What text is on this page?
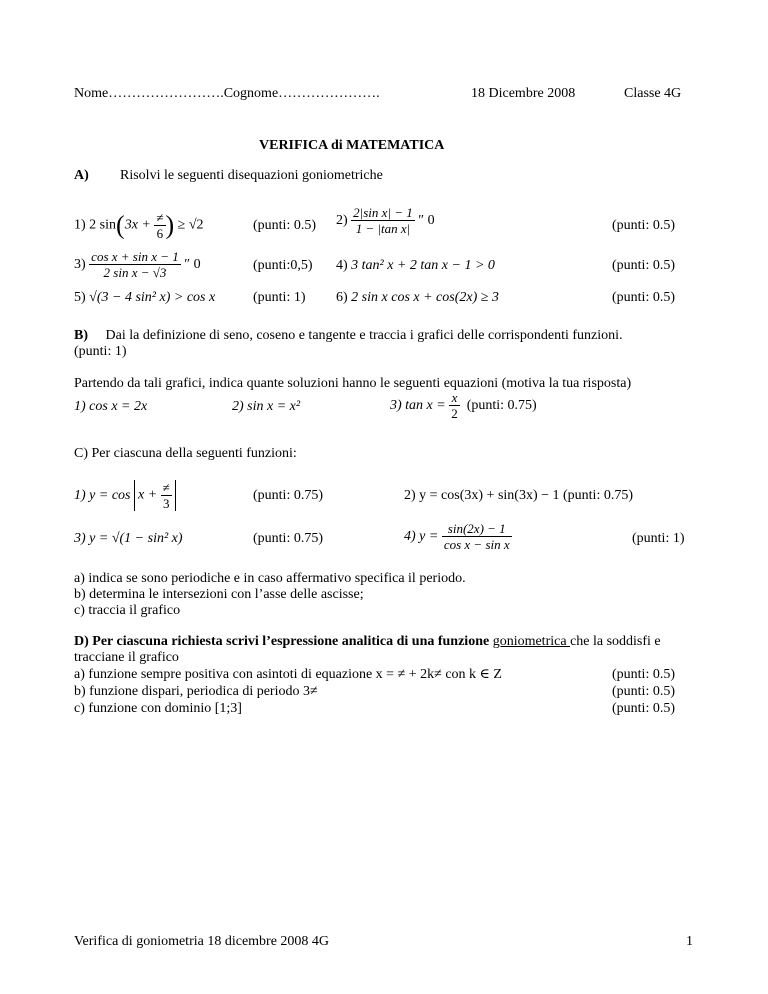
Nome…………………….Cognome………………….	18 Dicembre 2008	Classe 4G
VERIFICA di MATEMATICA
A) Risolvi le seguenti disequazioni goniometriche
1) 2 $\sin(3x + \frac{\ne}{6}$ ) ≥ √2	(punti: 0.5) $2) \frac{\text{2|sin x| − 1}}{\text{1 − |tan x|}}$ ″ 0	(punti: 0.5)
$3) \frac{\text{cos x + sin x − 1}}{\text{2 sin x − √3}}$ ″ 0	(punti:0,5) 4) 3 tan² x + 2 tan x − 1 > 0	(punti: 0.5)
5) √(3 − 4 sin² x) > cos x	(punti: 1) 6) 2 sin x cos x + cos(2x) ≥ 3	(punti: 0.5)
B) Dai la definizione di seno, coseno e tangente e traccia i grafici delle corrispondenti funzioni.
(punti: 1)
Partendo da tali grafici, indica quante soluzioni hanno le seguenti equazioni (motiva la tua risposta)
1) cos x = 2x	2) sin x = x²	3) $\tan x = \frac{x}{2}$ (punti: 0.75)
C) Per ciascuna della seguenti funzioni:
1) $y = \cos x + \frac{\ne}{3}$	(punti: 0.75)	2) y = cos(3x) + sin(3x) − 1 (punti: 0.75)
3) y = √(1 − sin² x)	(punti: 0.75)	4) $y = \frac{\sin(2x) - 1}{\text{cos x − sin x}}$	(punti: 1)
a) indica se sono periodiche e in caso affermativo specifica il periodo.
b) determina le intersezioni con l’asse delle ascisse;
c) traccia il grafico
D) Per ciascuna richiesta scrivi l’espressione analitica di una funzione goniometrica che la soddisfi e
tracciane il grafico
a) funzione sempre positiva con asintoti di equazione x = ≠ + 2k≠ con k ∈ Z	(punti: 0.5)
b) funzione dispari, periodica di periodo 3≠	(punti: 0.5)
c) funzione con dominio [1;3]	(punti: 0.5)
Verifica di goniometria 18 dicembre 2008 4G	1
